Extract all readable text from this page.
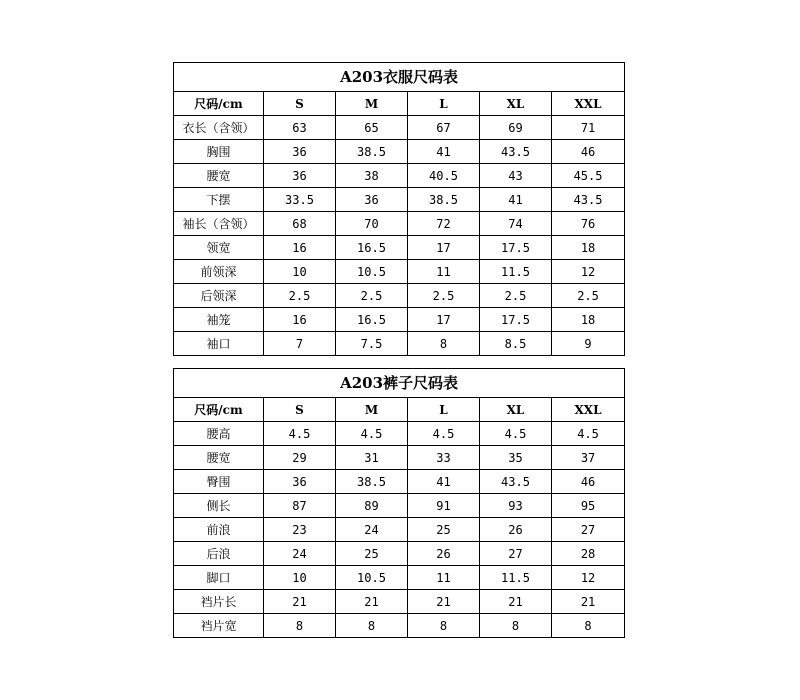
A203衣服尺码表					
尺码/cm	S	M	L	XL	XXL
衣长（含领）	63	65	67	69	71
胸围	36	38.5	41	43.5	46
腰宽	36	38	40.5	43	45.5
下摆	33.5	36	38.5	41	43.5
袖长（含领）	68	70	72	74	76
领宽	16	16.5	17	17.5	18
前领深	10	10.5	11	11.5	12
后领深	2.5	2.5	2.5	2.5	2.5
袖笼	16	16.5	17	17.5	18
袖口	7	7.5	8	8.5	9
A203裤子尺码表					
尺码/cm	S	M	L	XL	XXL
腰高	4.5	4.5	4.5	4.5	4.5
腰宽	29	31	33	35	37
臀围	36	38.5	41	43.5	46
侧长	87	89	91	93	95
前浪	23	24	25	26	27
后浪	24	25	26	27	28
脚口	10	10.5	11	11.5	12
裆片长	21	21	21	21	21
裆片宽	8	8	8	8	8
